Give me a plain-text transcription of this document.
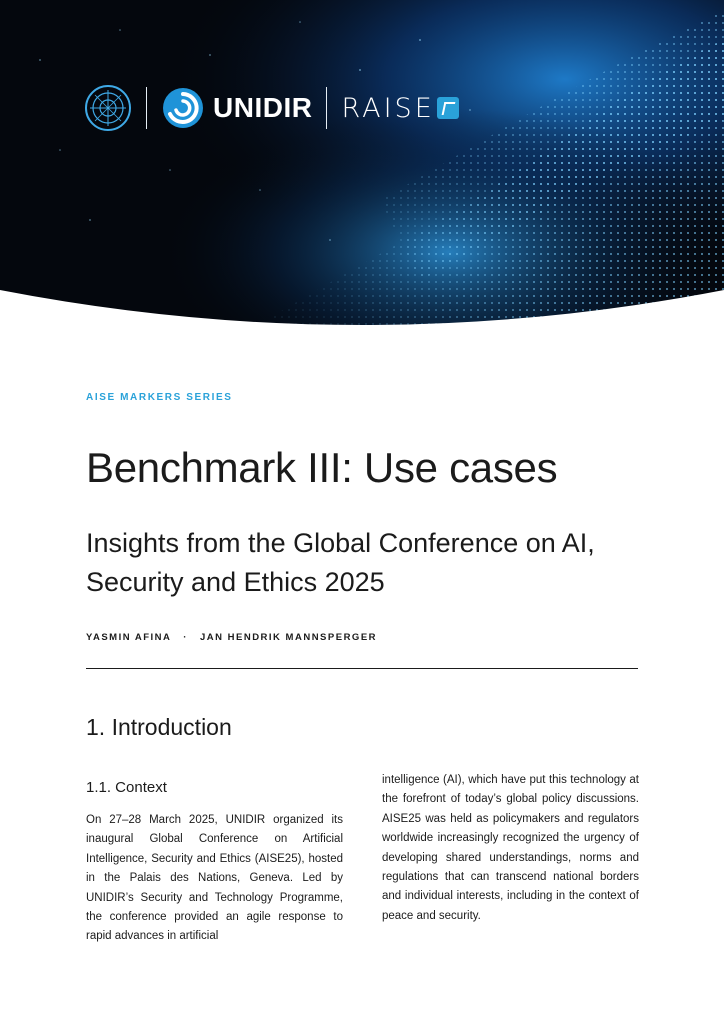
UNIDIR RAISE
AISE MARKERS SERIES
Benchmark III: Use cases
Insights from the Global Conference on AI, Security and Ethics 2025
YASMIN AFINA · JAN HENDRIK MANNSPERGER
1. Introduction
1.1. Context

On 27–28 March 2025, UNIDIR organized its inaugural Global Conference on Artificial Intelligence, Security and Ethics (AISE25), hosted in the Palais des Nations, Geneva. Led by UNIDIR’s Security and Technology Programme, the conference provided an agile response to rapid advances in artificial

intelligence (AI), which have put this technology at the forefront of today’s global policy discussions. AISE25 was held as policymakers and regulators worldwide increasingly recognized the urgency of developing shared understandings, norms and regulations that can transcend national borders and individual interests, including in the context of peace and security.
